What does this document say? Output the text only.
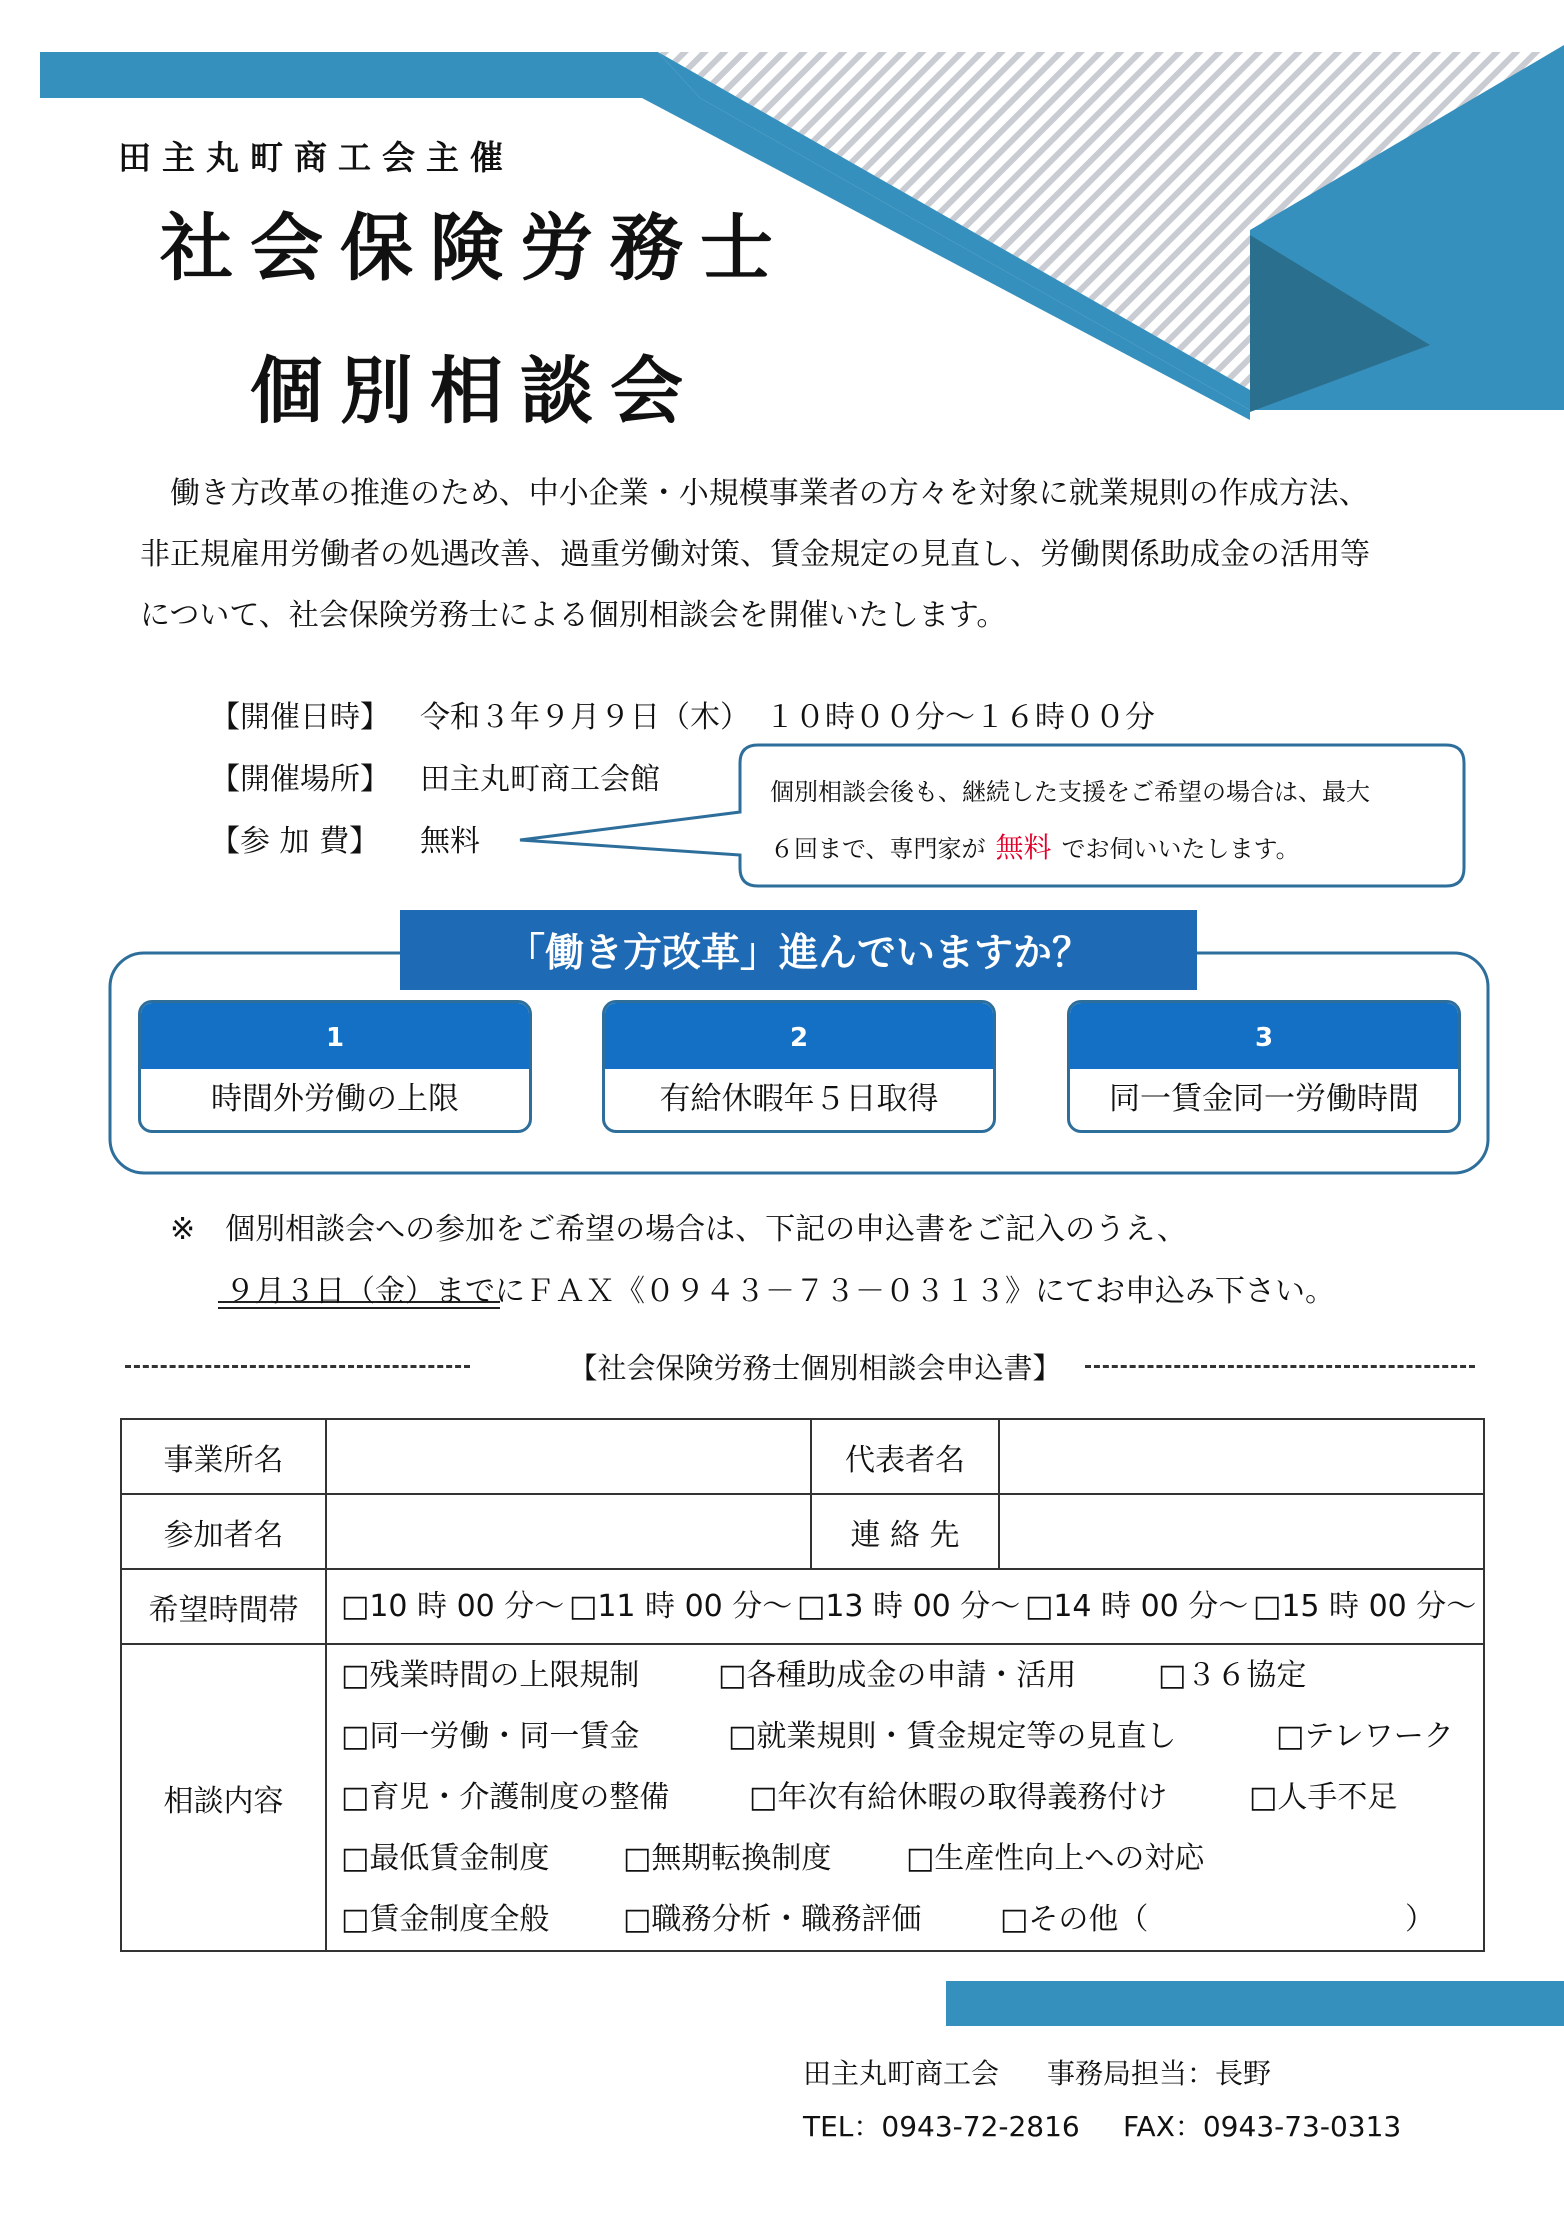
田主丸町商工会主催
社会保険労務士
個別相談会

　働き方改革の推進のため、中小企業・小規模事業者の方々を対象に就業規則の作成方法、

非正規雇用労働者の処遇改善、過重労働対策、賃金規定の見直し、労働関係助成金の活用等

について、社会保険労務士による個別相談会を開催いたします。

【開催日時】 令和３年９月９日（木）　１０時００分～１６時００分
【開催場所】 田主丸町商工会館
【参 加 費】 無料
個別相談会後も、継続した支援をご希望の場合は、最大
６回まで、専門家が 無料 でお伺いいたします。
「働き方改革」進んでいますか？
1
時間外労働の上限
2
有給休暇年５日取得
3
同一賃金同一労働時間
※　個別相談会への参加をご希望の場合は、下記の申込書をご記入のうえ、
９月３日（金）までにＦＡＸ《０９４３－７３－０３１３》にてお申込み下さい。
【社会保険労務士個別相談会申込書】
事業所名		代表者名	
参加者名		連 絡 先	
希望時間帯	□10 時 00 分～ □11 時 00 分～ □13 時 00 分～ □14 時 00 分～ □15 時 00 分～		

相談内容	□残業時間の上限規制 □各種助成金の申請・活用 □３６協定
□同一労働・同一賃金 □就業規則・賃金規定等の見直し □テレワーク
□育児・介護制度の整備 □年次有給休暇の取得義務付け □人手不足
□最低賃金制度 □無期転換制度 □生産性向上への対応
□賃金制度全般 □職務分析・職務評価 □その他（ ）		
田主丸町商工会 事務局担当：長野
TEL：0943-72-2816 FAX：0943-73-0313
